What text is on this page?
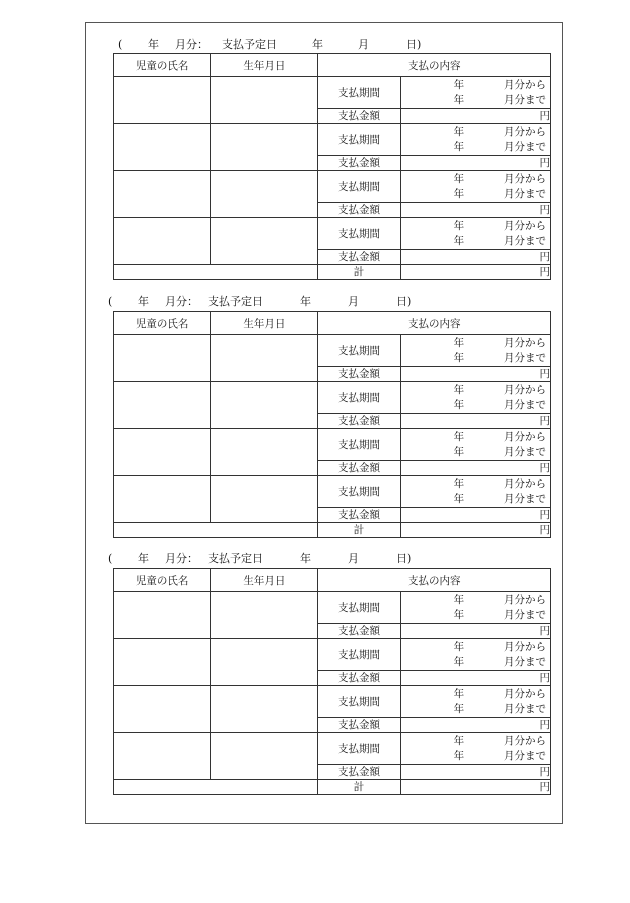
( 年 月分： 支払予定日	年	月	日)
児童の氏名	生年月日	支払の内容	
		支払期間	年 月分から
年 月分まで

		支払金額	円
		支払期間	年 月分から
年 月分まで

		支払金額	円
		支払期間	年 月分から
年 月分まで

		支払金額	円
		支払期間	年 月分から
年 月分まで

		支払金額	円
		計	円
( 年 月分： 支払予定日	年	月	日)
児童の氏名	生年月日	支払の内容	
		支払期間	年 月分から
年 月分まで

		支払金額	円
		支払期間	年 月分から
年 月分まで

		支払金額	円
		支払期間	年 月分から
年 月分まで

		支払金額	円
		支払期間	年 月分から
年 月分まで

		支払金額	円
		計	円
( 年 月分： 支払予定日	年	月	日)
児童の氏名	生年月日	支払の内容	
		支払期間	年 月分から
年 月分まで

		支払金額	円
		支払期間	年 月分から
年 月分まで

		支払金額	円
		支払期間	年 月分から
年 月分まで

		支払金額	円
		支払期間	年 月分から
年 月分まで

		支払金額	円
		計	円
